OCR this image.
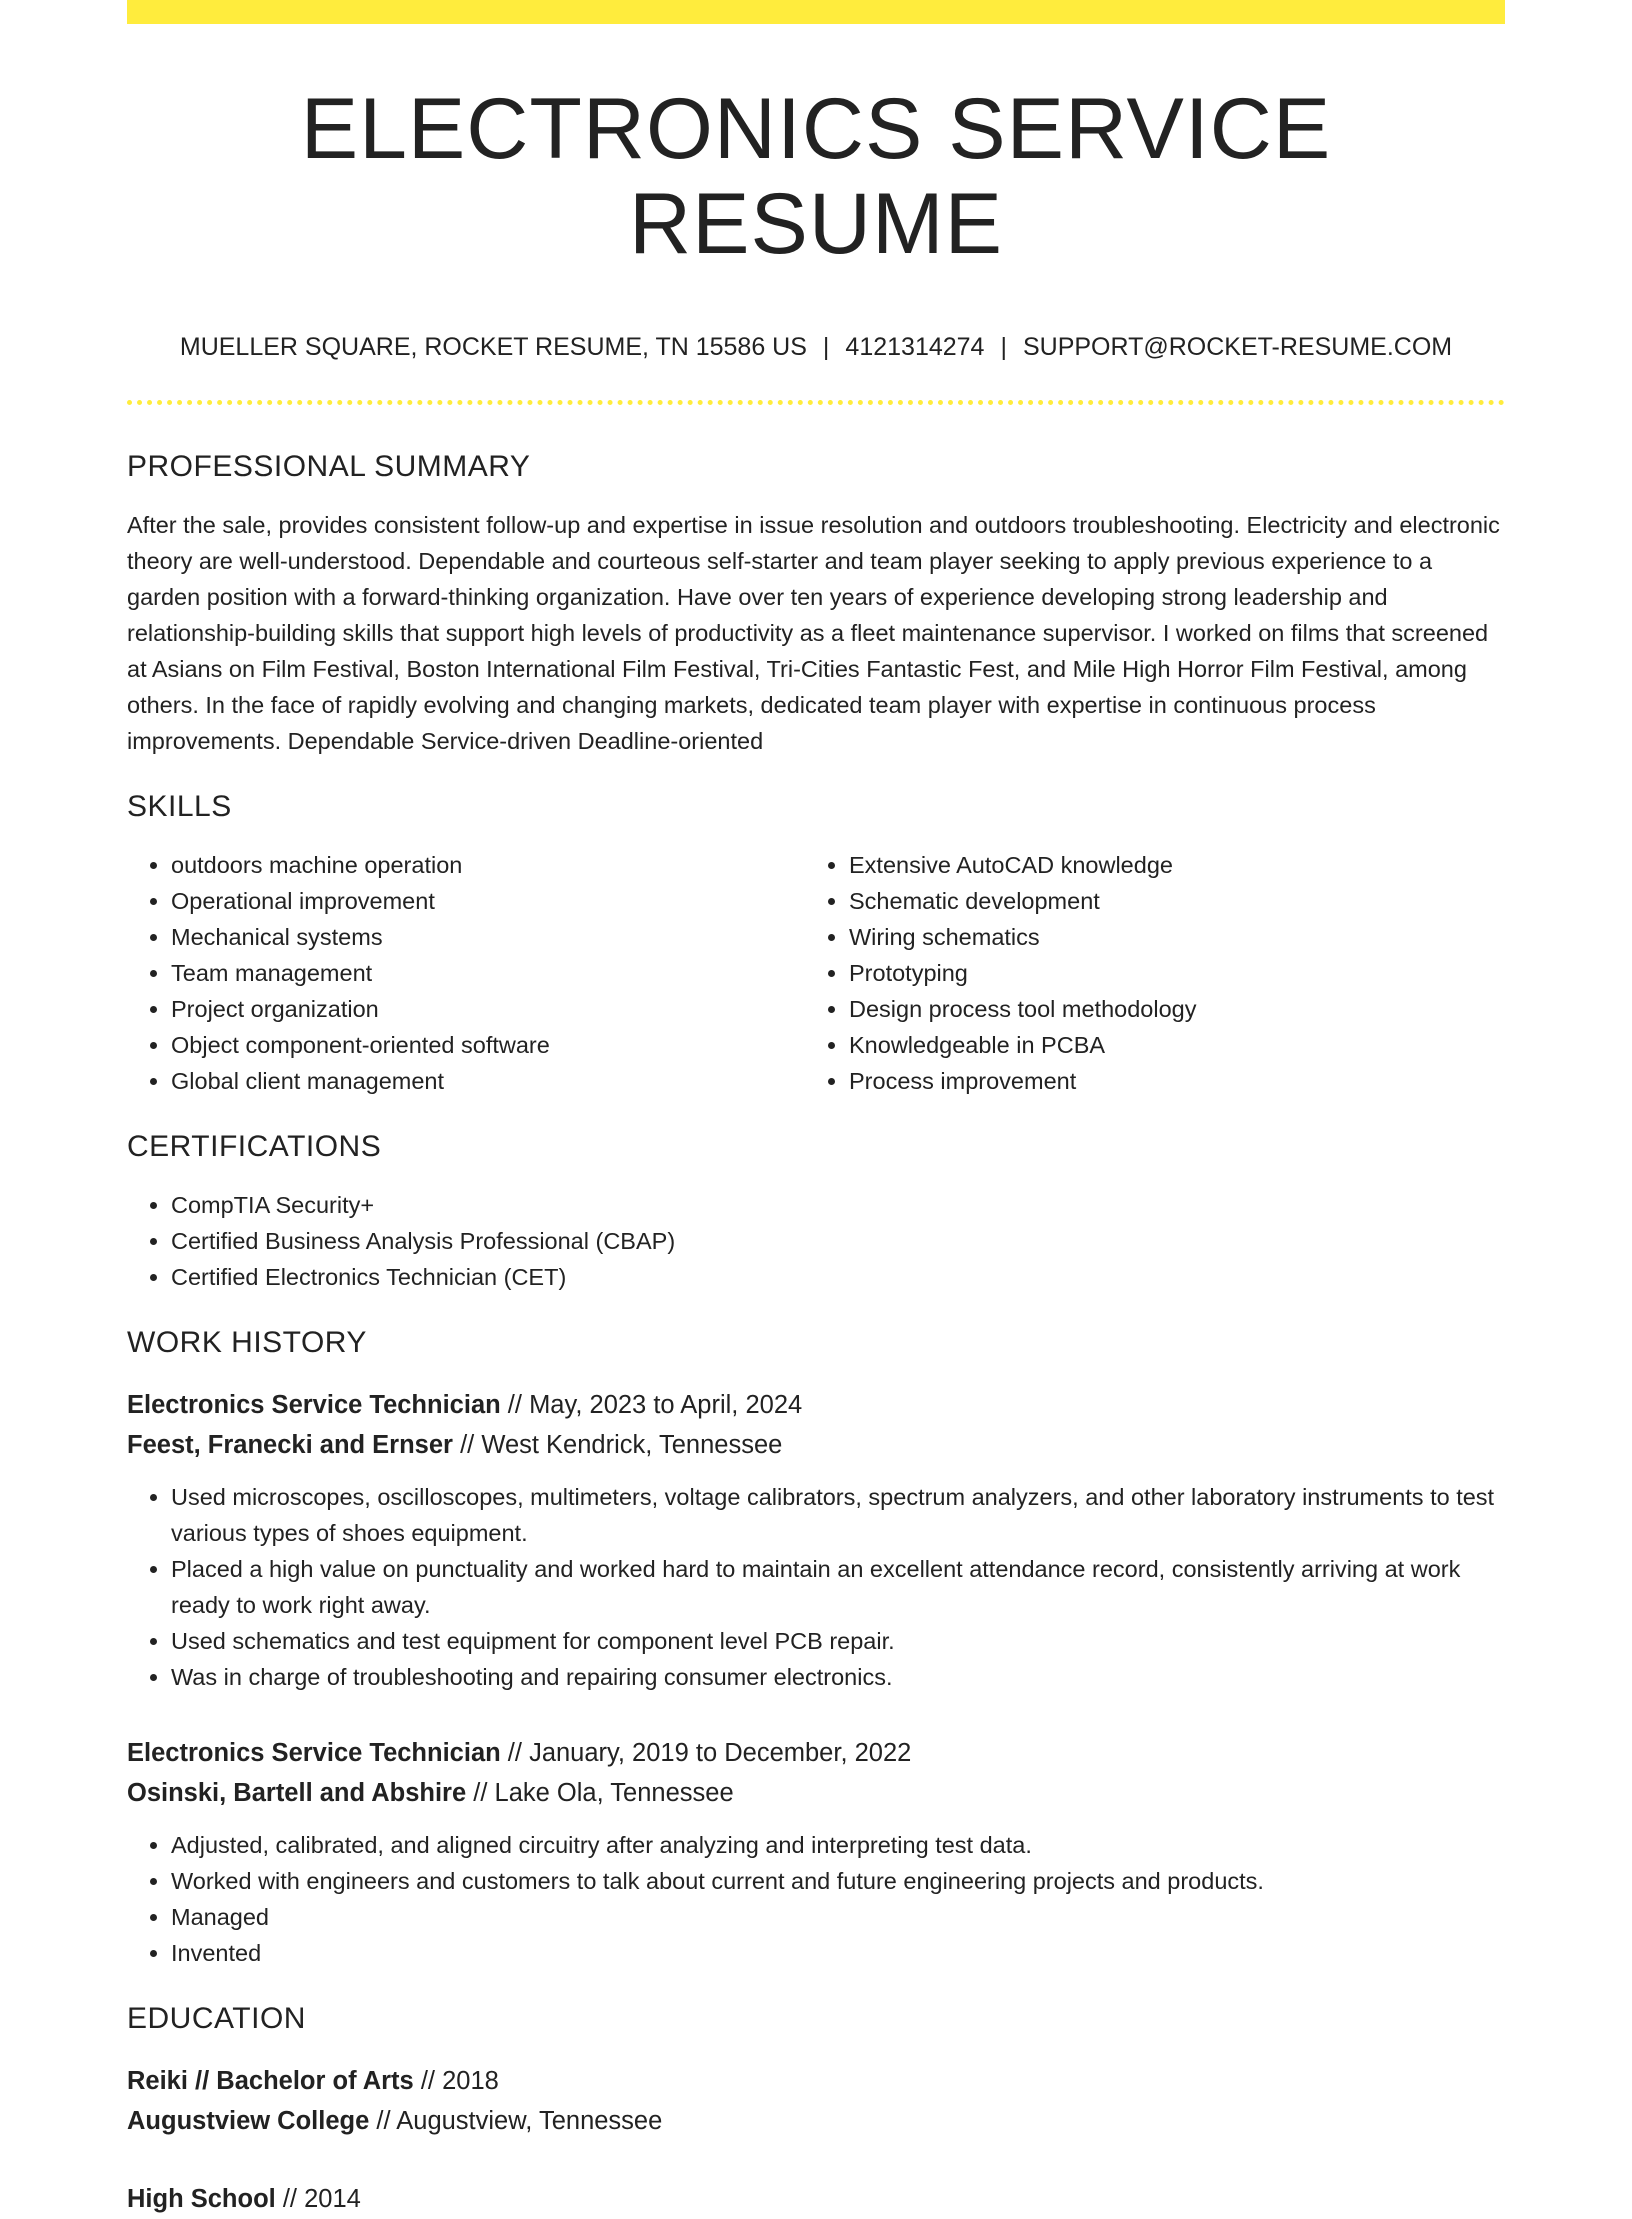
ELECTRONICS SERVICE RESUME
MUELLER SQUARE, ROCKET RESUME, TN 15586 US | 4121314274 | SUPPORT@ROCKET-RESUME.COM
PROFESSIONAL SUMMARY
After the sale, provides consistent follow-up and expertise in issue resolution and outdoors troubleshooting. Electricity and electronic theory are well-understood. Dependable and courteous self-starter and team player seeking to apply previous experience to a garden position with a forward-thinking organization. Have over ten years of experience developing strong leadership and relationship-building skills that support high levels of productivity as a fleet maintenance supervisor. I worked on films that screened at Asians on Film Festival, Boston International Film Festival, Tri-Cities Fantastic Fest, and Mile High Horror Film Festival, among others. In the face of rapidly evolving and changing markets, dedicated team player with expertise in continuous process improvements. Dependable Service-driven Deadline-oriented
SKILLS
• outdoors machine operation
• Operational improvement
• Mechanical systems
• Team management
• Project organization
• Object component-oriented software
• Global client management
• Extensive AutoCAD knowledge
• Schematic development
• Wiring schematics
• Prototyping
• Design process tool methodology
• Knowledgeable in PCBA
• Process improvement
CERTIFICATIONS
• CompTIA Security+
• Certified Business Analysis Professional (CBAP)
• Certified Electronics Technician (CET)
WORK HISTORY
Electronics Service Technician // May, 2023 to April, 2024
Feest, Franecki and Ernser // West Kendrick, Tennessee
• Used microscopes, oscilloscopes, multimeters, voltage calibrators, spectrum analyzers, and other laboratory instruments to test various types of shoes equipment.
• Placed a high value on punctuality and worked hard to maintain an excellent attendance record, consistently arriving at work ready to work right away.
• Used schematics and test equipment for component level PCB repair.
• Was in charge of troubleshooting and repairing consumer electronics.
Electronics Service Technician // January, 2019 to December, 2022
Osinski, Bartell and Abshire // Lake Ola, Tennessee
• Adjusted, calibrated, and aligned circuitry after analyzing and interpreting test data.
• Worked with engineers and customers to talk about current and future engineering projects and products.
• Managed
• Invented
EDUCATION
Reiki // Bachelor of Arts // 2018
Augustview College // Augustview, Tennessee
High School // 2014
